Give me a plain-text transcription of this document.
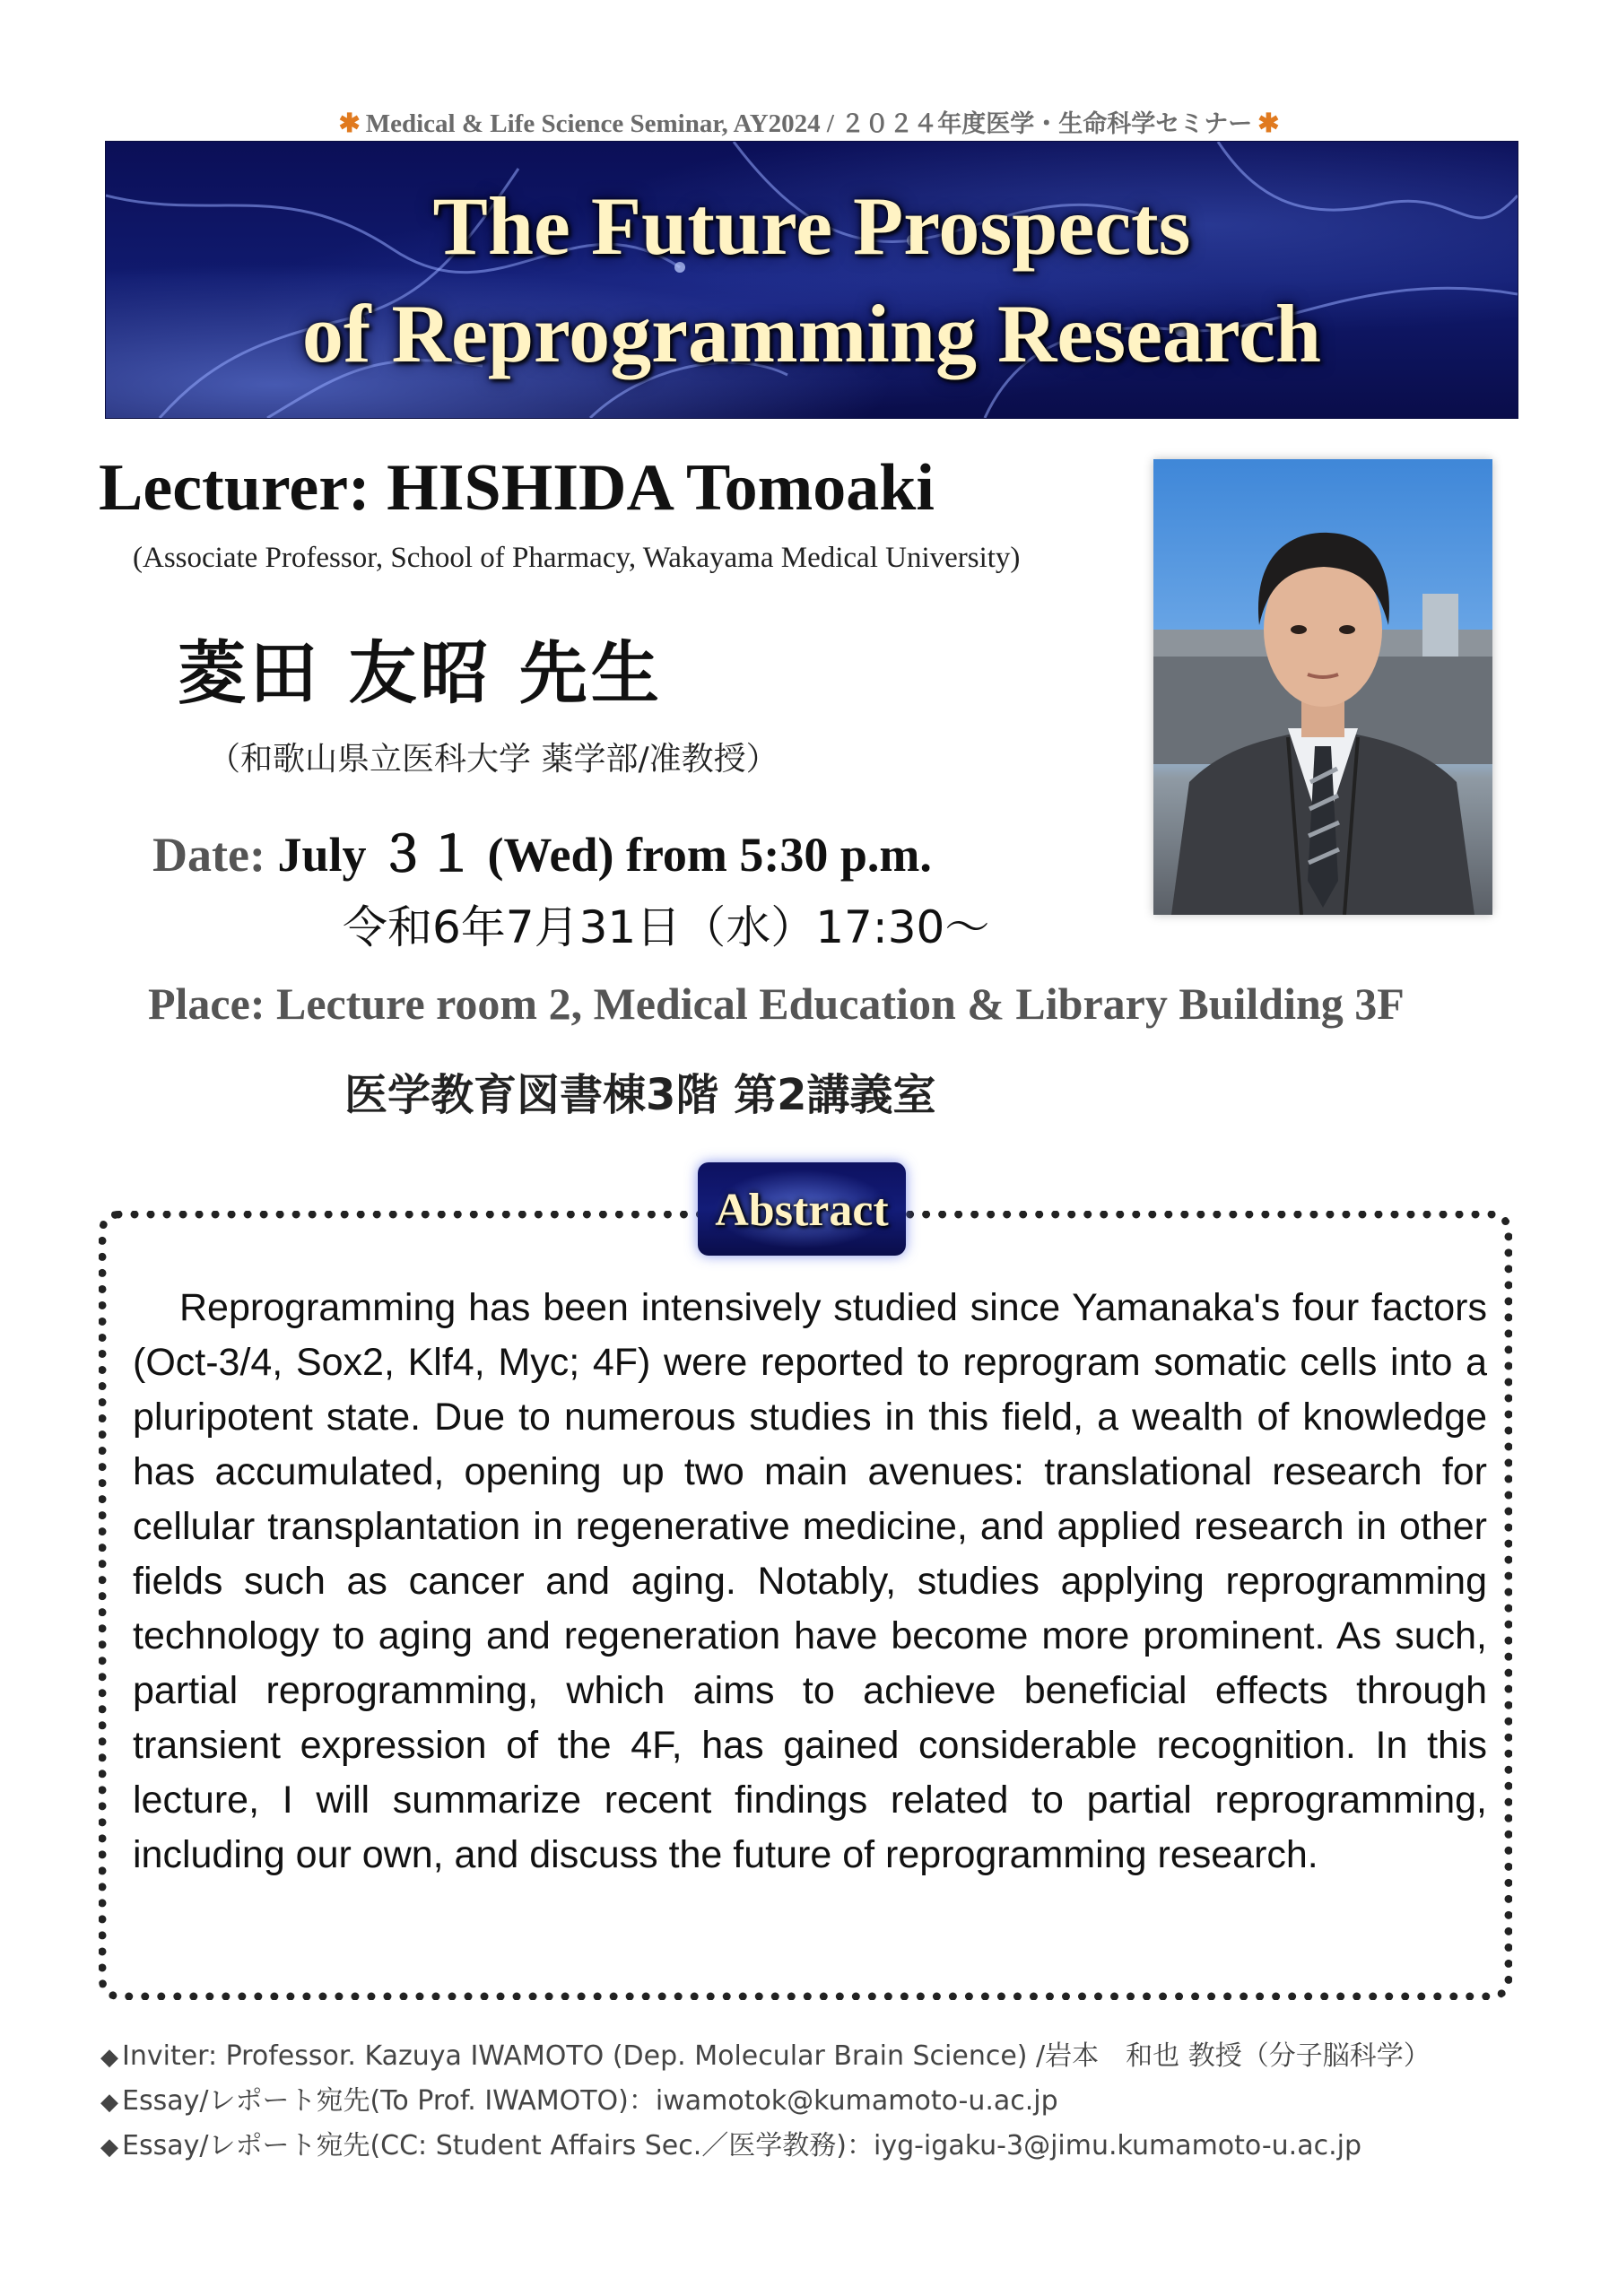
✱ Medical & Life Science Seminar, AY2024 / ２０２４年度医学・生命科学セミナー ✱
The Future Prospects
of Reprogramming Research
Lecturer: HISHIDA Tomoaki
(Associate Professor, School of Pharmacy, Wakayama Medical University)
菱田 友昭 先生
（和歌山県立医科大学 薬学部/准教授）
Date: July ３１ (Wed) from 5:30 p.m.
令和6年7月31日（水）17:30～
Place: Lecture room 2, Medical Education & Library Building 3F
医学教育図書棟3階 第2講義室
Abstract

Reprogramming has been intensively studied since Yamanaka's four factors (Oct-3/4, Sox2, Klf4, Myc; 4F) were reported to reprogram somatic cells into a pluripotent state. Due to numerous studies in this field, a wealth of knowledge has accumulated, opening up two main avenues: translational research for cellular transplantation in regenerative medicine, and applied research in other fields such as cancer and aging. Notably, studies applying reprogramming technology to aging and regeneration have become more prominent. As such, partial reprogramming, which aims to achieve beneficial effects through transient expression of the 4F, has gained considerable recognition. In this lecture, I will summarize recent findings related to partial reprogramming, including our own, and discuss the future of reprogramming research.

◆ Inviter: Professor. Kazuya IWAMOTO (Dep. Molecular Brain Science) /岩本　和也 教授（分子脳科学）
◆ Essay/レポート宛先(To Prof. IWAMOTO)：iwamotok@kumamoto-u.ac.jp
◆ Essay/レポート宛先(CC: Student Affairs Sec.／医学教務)：iyg-igaku-3@jimu.kumamoto-u.ac.jp
